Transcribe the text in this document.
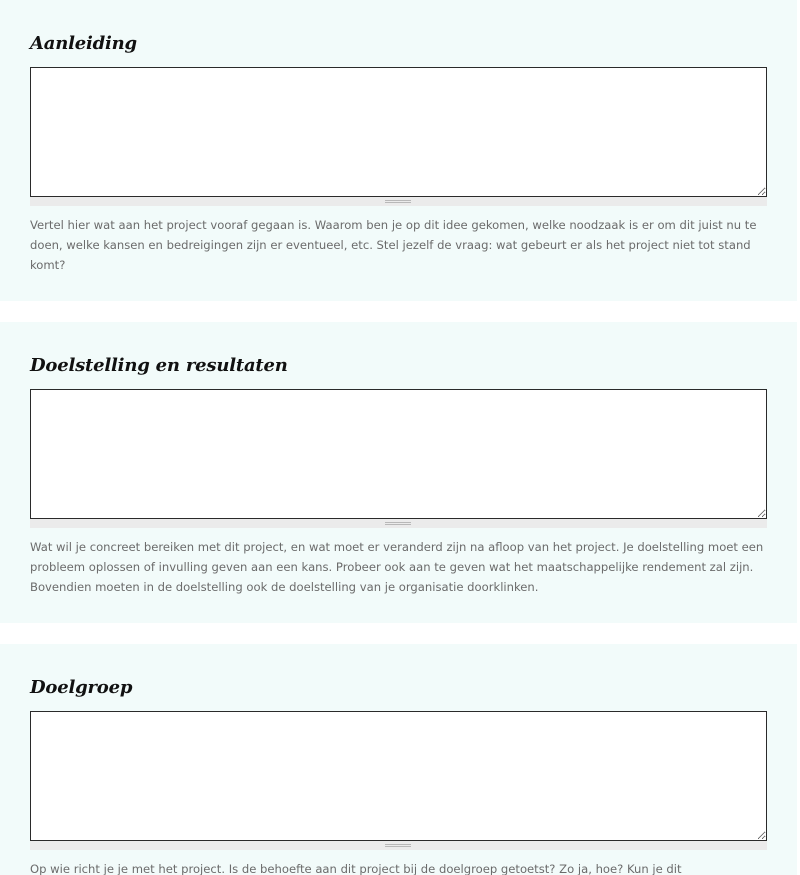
Aanleiding

Vertel hier wat aan het project vooraf gegaan is. Waarom ben je op dit idee gekomen, welke noodzaak is er om dit juist nu te doen, welke kansen en bedreigingen zijn er eventueel, etc. Stel jezelf de vraag: wat gebeurt er als het project niet tot stand komt?

Doelstelling en resultaten

Wat wil je concreet bereiken met dit project, en wat moet er veranderd zijn na afloop van het project. Je doelstelling moet een probleem oplossen of invulling geven aan een kans. Probeer ook aan te geven wat het maatschappelijke rendement zal zijn. Bovendien moeten in de doelstelling ook de doelstelling van je organisatie doorklinken.

Doelgroep

Op wie richt je je met het project. Is de behoefte aan dit project bij de doelgroep getoetst? Zo ja, hoe? Kun je dit
